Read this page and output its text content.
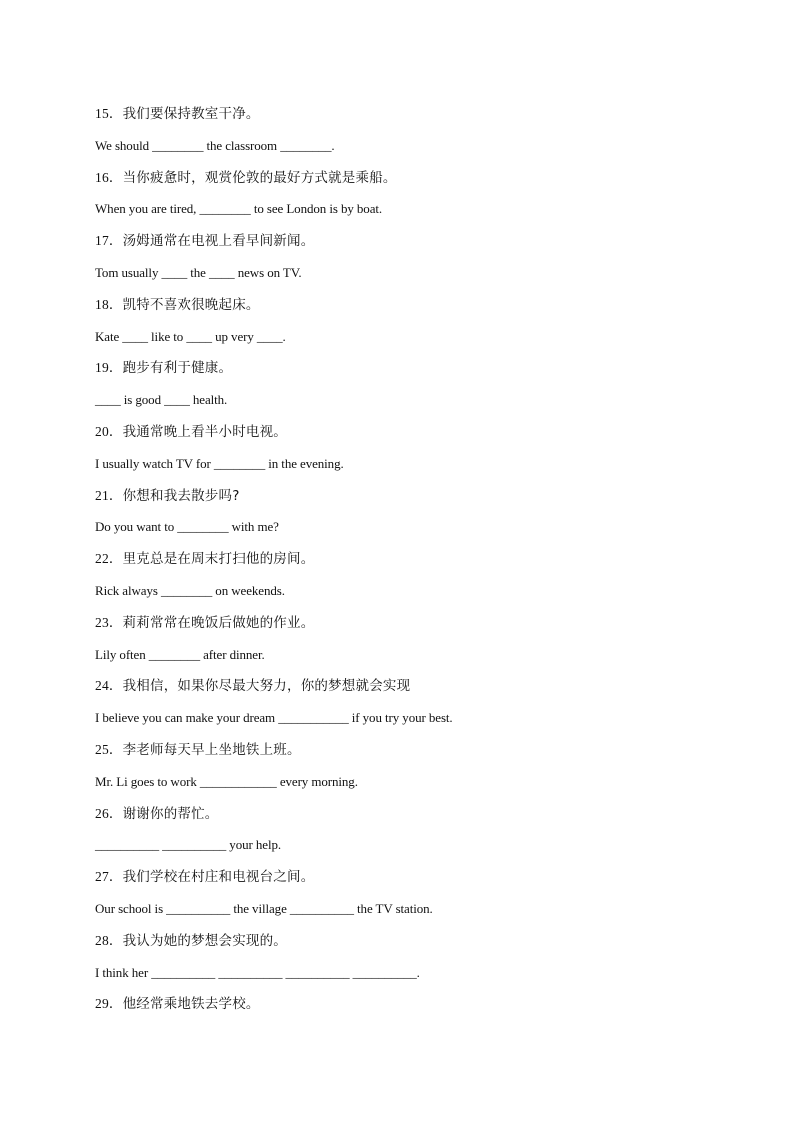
15．我们要保持教室干净。
We should ________ the classroom ________.
16．当你疲惫时，观赏伦敦的最好方式就是乘船。
When you are tired, ________ to see London is by boat.
17．汤姆通常在电视上看早间新闻。
Tom usually ____ the ____ news on TV.
18．凯特不喜欢很晚起床。
Kate ____ like to ____ up very ____.
19．跑步有利于健康。
____ is good ____ health.
20．我通常晚上看半小时电视。
I usually watch TV for ________ in the evening.
21．你想和我去散步吗?
Do you want to ________ with me?
22．里克总是在周末打扫他的房间。
Rick always ________ on weekends.
23．莉莉常常在晚饭后做她的作业。
Lily often ________ after dinner.
24．我相信，如果你尽最大努力，你的梦想就会实现
I believe you can make your dream ___________ if you try your best.
25．李老师每天早上坐地铁上班。
Mr. Li goes to work ____________ every morning.
26．谢谢你的帮忙。
__________ __________ your help.
27．我们学校在村庄和电视台之间。
Our school is __________ the village __________ the TV station.
28．我认为她的梦想会实现的。
I think her __________ __________ __________ __________.
29．他经常乘地铁去学校。
